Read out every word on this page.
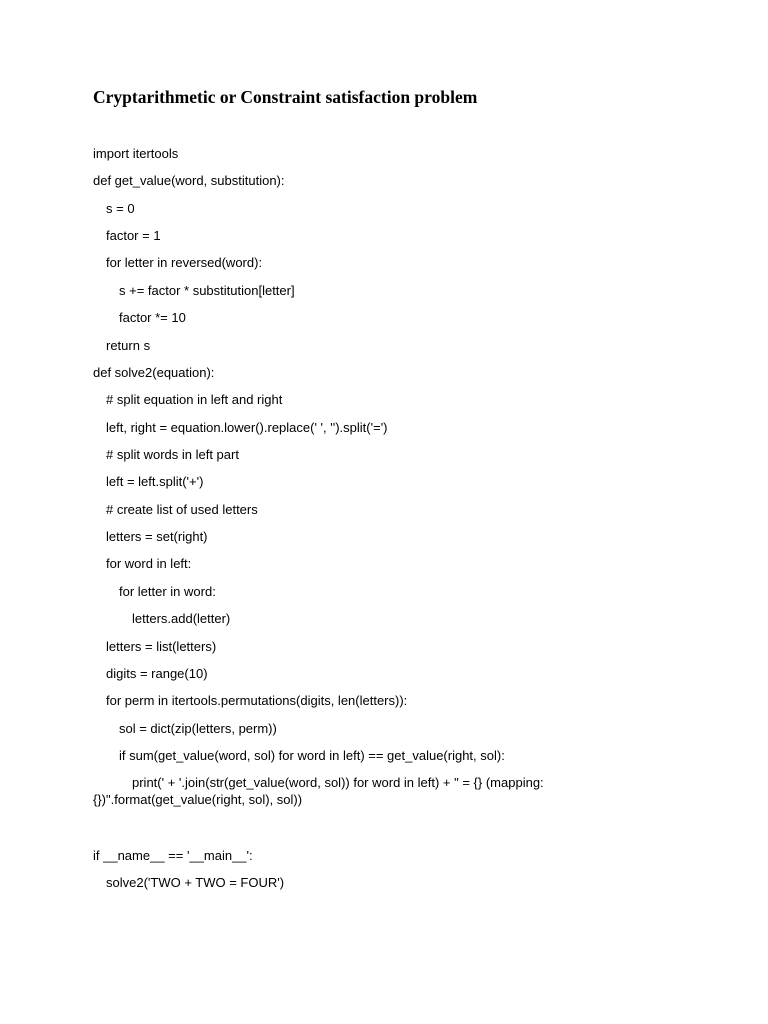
Cryptarithmetic or Constraint satisfaction problem

import itertools

def get_value(word, substitution):

s = 0

factor = 1

for letter in reversed(word):

s += factor * substitution[letter]

factor *= 10

return s

def solve2(equation):

# split equation in left and right

left, right = equation.lower().replace(' ', '').split('=')

# split words in left part

left = left.split('+')

# create list of used letters

letters = set(right)

for word in left:

for letter in word:

letters.add(letter)

letters = list(letters)

digits = range(10)

for perm in itertools.permutations(digits, len(letters)):

sol = dict(zip(letters, perm))

if sum(get_value(word, sol) for word in left) == get_value(right, sol):

print(' + '.join(str(get_value(word, sol)) for word in left) + " = {} (mapping: {})".format(get_value(right, sol), sol))

if __name__ == '__main__':

solve2('TWO + TWO = FOUR')
